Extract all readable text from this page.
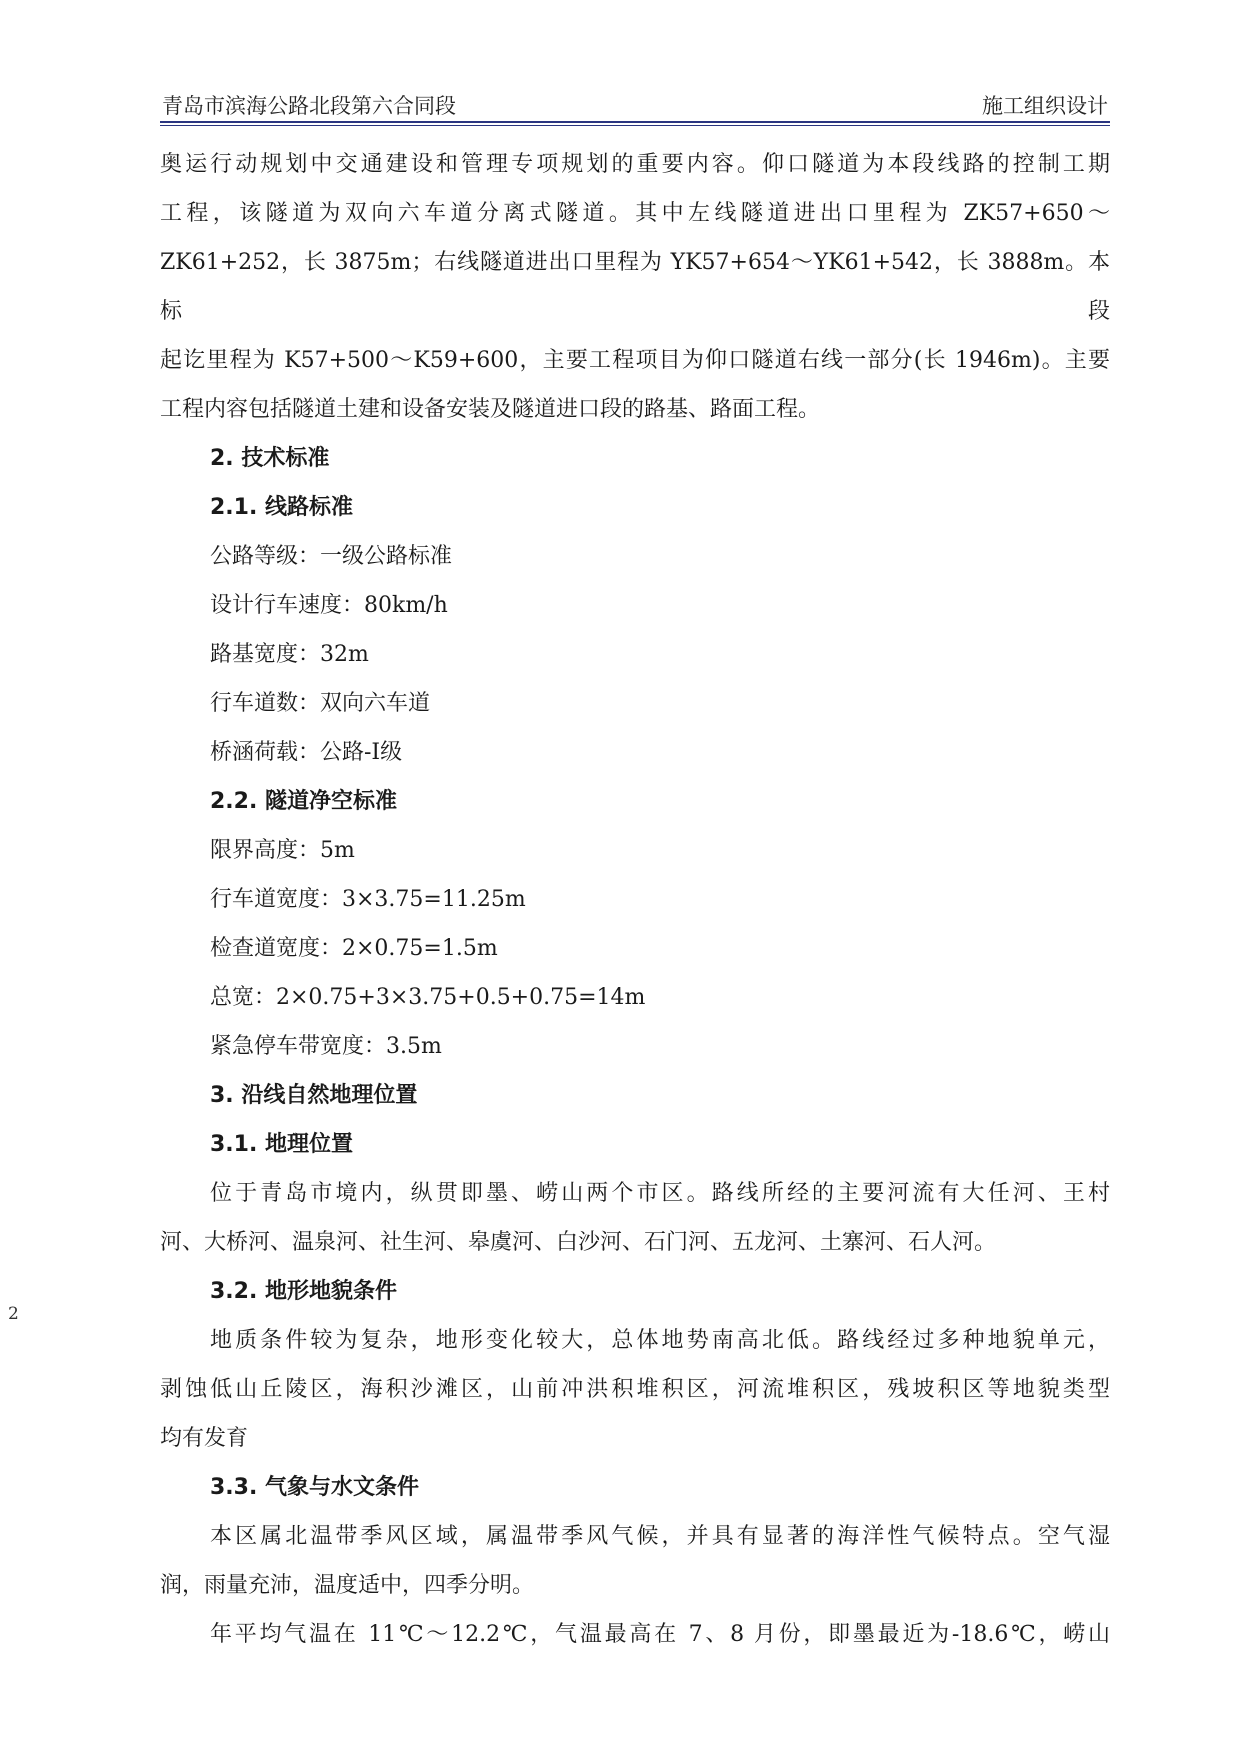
青岛市滨海公路北段第六合同段	施工组织设计

奥运行动规划中交通建设和管理专项规划的重要内容。仰口隧道为本段线路的控制工期

工程，该隧道为双向六车道分离式隧道。其中左线隧道进出口里程为 ZK57+650～

ZK61+252，长 3875m；右线隧道进出口里程为 YK57+654～YK61+542，长 3888m。本标段

起讫里程为 K57+500～K59+600，主要工程项目为仰口隧道右线一部分(长 1946m)。主要

工程内容包括隧道土建和设备安装及隧道进口段的路基、路面工程。

2. 技术标准
2.1. 线路标准

公路等级：一级公路标准

设计行车速度：80km/h

路基宽度：32m

行车道数：双向六车道

桥涵荷载：公路-Ⅰ级

2.2. 隧道净空标准

限界高度：5m

行车道宽度：3×3.75=11.25m

检查道宽度：2×0.75=1.5m

总宽：2×0.75+3×3.75+0.5+0.75=14m

紧急停车带宽度：3.5m

3. 沿线自然地理位置
3.1. 地理位置

位于青岛市境内，纵贯即墨、崂山两个市区。路线所经的主要河流有大任河、王村

河、大桥河、温泉河、社生河、皋虞河、白沙河、石门河、五龙河、土寨河、石人河。

3.2. 地形地貌条件

地质条件较为复杂，地形变化较大，总体地势南高北低。路线经过多种地貌单元，

剥蚀低山丘陵区，海积沙滩区，山前冲洪积堆积区，河流堆积区，残坡积区等地貌类型

均有发育

3.3. 气象与水文条件

本区属北温带季风区域，属温带季风气候，并具有显著的海洋性气候特点。空气湿

润，雨量充沛，温度适中，四季分明。

年平均气温在 11℃～12.2℃，气温最高在 7、8 月份，即墨最近为-18.6℃，崂山

2
